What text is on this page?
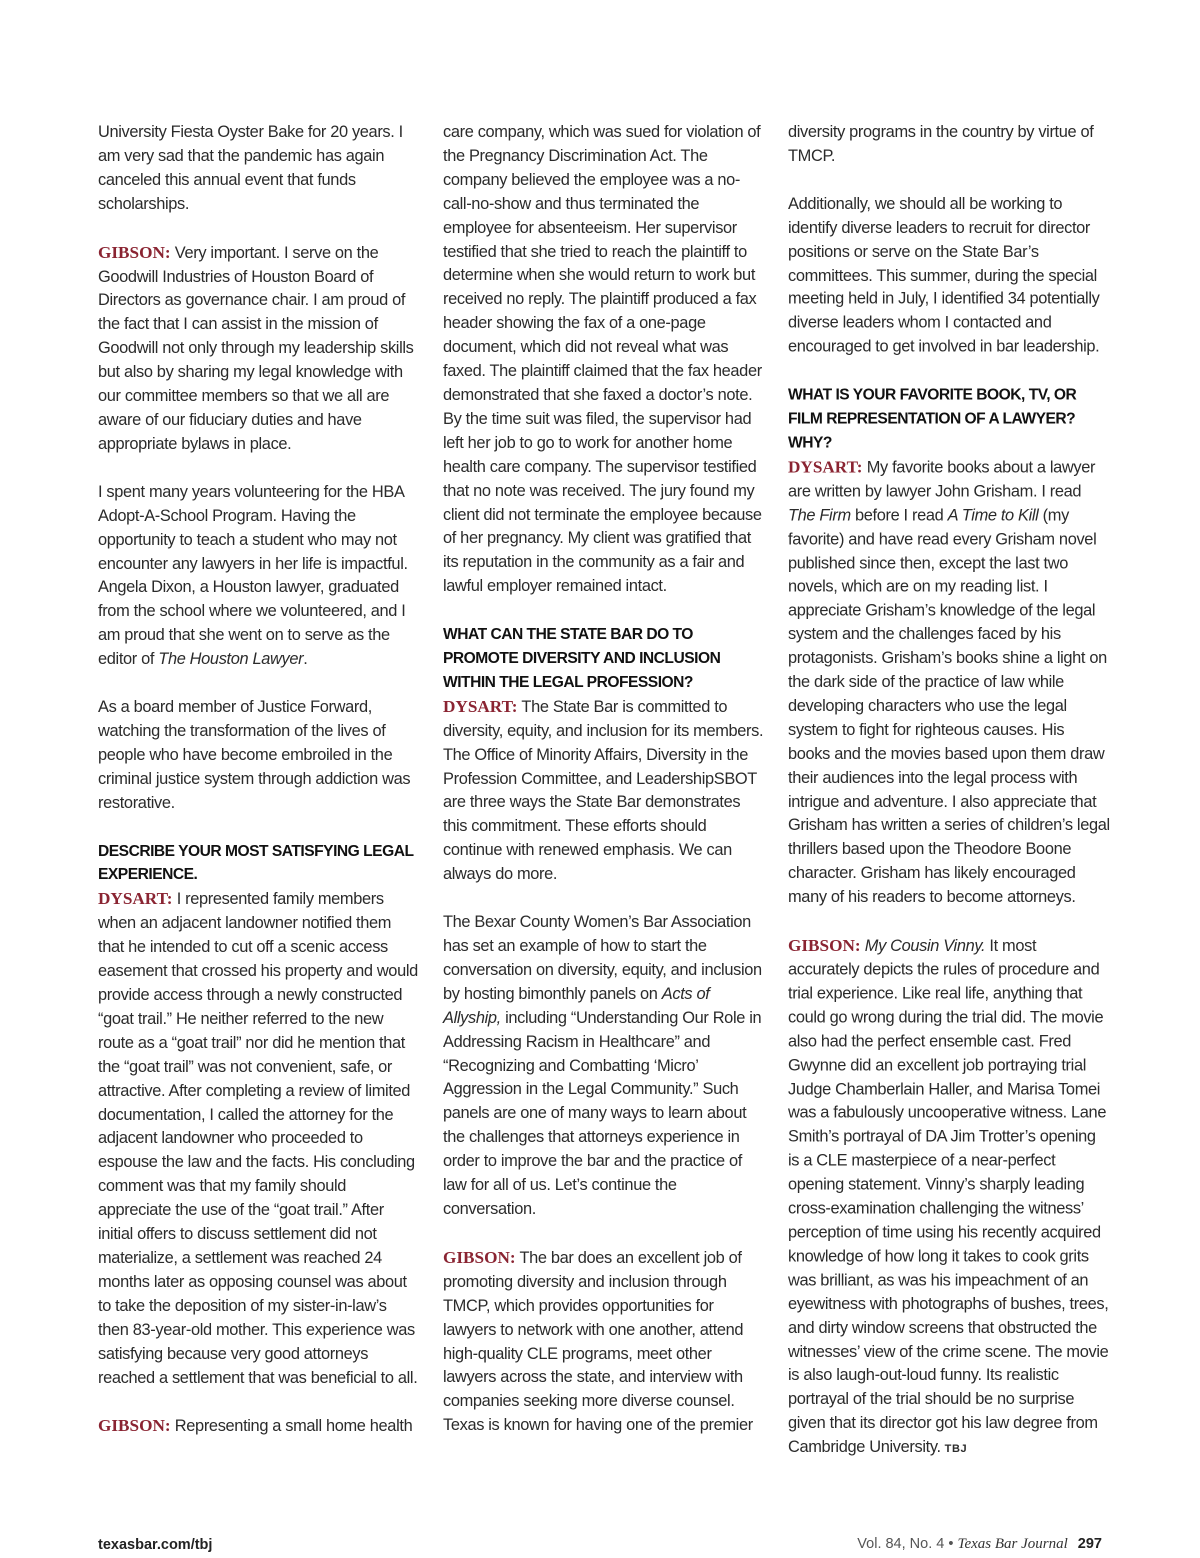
University Fiesta Oyster Bake for 20 years. I am very sad that the pandemic has again canceled this annual event that funds scholarships.

GIBSON: Very important. I serve on the Goodwill Industries of Houston Board of Directors as governance chair. I am proud of the fact that I can assist in the mission of Goodwill not only through my leadership skills but also by sharing my legal knowledge with our committee members so that we all are aware of our fiduciary duties and have appropriate bylaws in place.

I spent many years volunteering for the HBA Adopt-A-School Program. Having the opportunity to teach a student who may not encounter any lawyers in her life is impactful. Angela Dixon, a Houston lawyer, graduated from the school where we volunteered, and I am proud that she went on to serve as the editor of The Houston Lawyer.

As a board member of Justice Forward, watching the transformation of the lives of people who have become embroiled in the criminal justice system through addiction was restorative.

DESCRIBE YOUR MOST SATISFYING LEGAL EXPERIENCE.

DYSART: I represented family members when an adjacent landowner notified them that he intended to cut off a scenic access easement that crossed his property and would provide access through a newly constructed “goat trail.” He neither referred to the new route as a “goat trail” nor did he mention that the “goat trail” was not convenient, safe, or attractive. After completing a review of limited documentation, I called the attorney for the adjacent landowner who proceeded to espouse the law and the facts. His concluding comment was that my family should appreciate the use of the “goat trail.” After initial offers to discuss settlement did not materialize, a settlement was reached 24 months later as opposing counsel was about to take the deposition of my sister-in-law’s then 83-year-old mother. This experience was satisfying because very good attorneys reached a settlement that was beneficial to all.

GIBSON: Representing a small home health

care company, which was sued for violation of the Pregnancy Discrimination Act. The company believed the employee was a no-call-no-show and thus terminated the employee for absenteeism. Her supervisor testified that she tried to reach the plaintiff to determine when she would return to work but received no reply. The plaintiff produced a fax header showing the fax of a one-page document, which did not reveal what was faxed. The plaintiff claimed that the fax header demonstrated that she faxed a doctor’s note. By the time suit was filed, the supervisor had left her job to go to work for another home health care company. The supervisor testified that no note was received. The jury found my client did not terminate the employee because of her pregnancy. My client was gratified that its reputation in the community as a fair and lawful employer remained intact.

WHAT CAN THE STATE BAR DO TO PROMOTE DIVERSITY AND INCLUSION WITHIN THE LEGAL PROFESSION?

DYSART: The State Bar is committed to diversity, equity, and inclusion for its members. The Office of Minority Affairs, Diversity in the Profession Committee, and LeadershipSBOT are three ways the State Bar demonstrates this commitment. These efforts should continue with renewed emphasis. We can always do more.

The Bexar County Women’s Bar Association has set an example of how to start the conversation on diversity, equity, and inclusion by hosting bimonthly panels on Acts of Allyship, including “Understanding Our Role in Addressing Racism in Healthcare” and “Recognizing and Combatting ‘Micro’ Aggression in the Legal Community.” Such panels are one of many ways to learn about the challenges that attorneys experience in order to improve the bar and the practice of law for all of us. Let’s continue the conversation.

GIBSON: The bar does an excellent job of promoting diversity and inclusion through TMCP, which provides opportunities for lawyers to network with one another, attend high-quality CLE programs, meet other lawyers across the state, and interview with companies seeking more diverse counsel. Texas is known for having one of the premier

diversity programs in the country by virtue of TMCP.

Additionally, we should all be working to identify diverse leaders to recruit for director positions or serve on the State Bar’s committees. This summer, during the special meeting held in July, I identified 34 potentially diverse leaders whom I contacted and encouraged to get involved in bar leadership.

WHAT IS YOUR FAVORITE BOOK, TV, OR FILM REPRESENTATION OF A LAWYER? WHY?

DYSART: My favorite books about a lawyer are written by lawyer John Grisham. I read The Firm before I read A Time to Kill (my favorite) and have read every Grisham novel published since then, except the last two novels, which are on my reading list. I appreciate Grisham’s knowledge of the legal system and the challenges faced by his protagonists. Grisham’s books shine a light on the dark side of the practice of law while developing characters who use the legal system to fight for righteous causes. His books and the movies based upon them draw their audiences into the legal process with intrigue and adventure. I also appreciate that Grisham has written a series of children’s legal thrillers based upon the Theodore Boone character. Grisham has likely encouraged many of his readers to become attorneys.

GIBSON: My Cousin Vinny. It most accurately depicts the rules of procedure and trial experience. Like real life, anything that could go wrong during the trial did. The movie also had the perfect ensemble cast. Fred Gwynne did an excellent job portraying trial Judge Chamberlain Haller, and Marisa Tomei was a fabulously uncooperative witness. Lane Smith’s portrayal of DA Jim Trotter’s opening is a CLE masterpiece of a near-perfect opening statement. Vinny’s sharply leading cross-examination challenging the witness’ perception of time using his recently acquired knowledge of how long it takes to cook grits was brilliant, as was his impeachment of an eyewitness with photographs of bushes, trees, and dirty window screens that obstructed the witnesses’ view of the crime scene. The movie is also laugh-out-loud funny. Its realistic portrayal of the trial should be no surprise given that its director got his law degree from Cambridge University. TBJ

texasbar.com/tbj	Vol. 84, No. 4 • Texas Bar Journal 297
